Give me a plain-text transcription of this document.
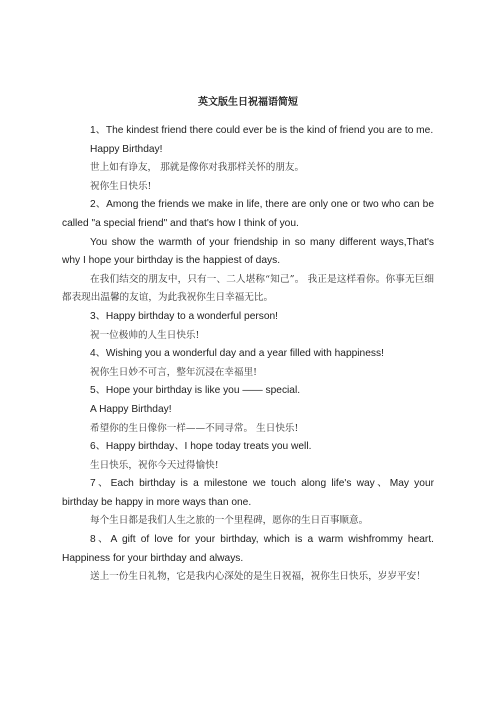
英文版生日祝福语简短

1、The kindest friend there could ever be is the kind of friend you are to me.

Happy Birthday!

世上如有诤友， 那就是像你对我那样关怀的朋友。

祝你生日快乐!

2、Among the friends we make in life, there are only one or two who can be called "a special friend" and that's how I think of you.

You show the warmth of your friendship in so many different ways,That's why I hope your birthday is the happiest of days.

在我们结交的朋友中，只有一、二人堪称“知己”。 我正是这样看你。你事无巨细都表现出温馨的友谊，为此我祝你生日幸福无比。

3、Happy birthday to a wonderful person!

祝一位极帅的人生日快乐!

4、Wishing you a wonderful day and a year filled with happiness!

祝你生日妙不可言，整年沉浸在幸福里!

5、Hope your birthday is like you —— special.

A Happy Birthday!

希望你的生日像你一样——不同寻常。 生日快乐!

6、Happy birthday、I hope today treats you well.

生日快乐，祝你今天过得愉快!

7、Each birthday is a milestone we touch along life's way、May your birthday be happy in more ways than one.

每个生日都是我们人生之旅的一个里程碑，愿你的生日百事顺意。

8、A gift of love for your birthday, which is a warm wishfrommy heart. Happiness for your birthday and always.

送上一份生日礼物，它是我内心深处的是生日祝福，祝你生日快乐，岁岁平安！
